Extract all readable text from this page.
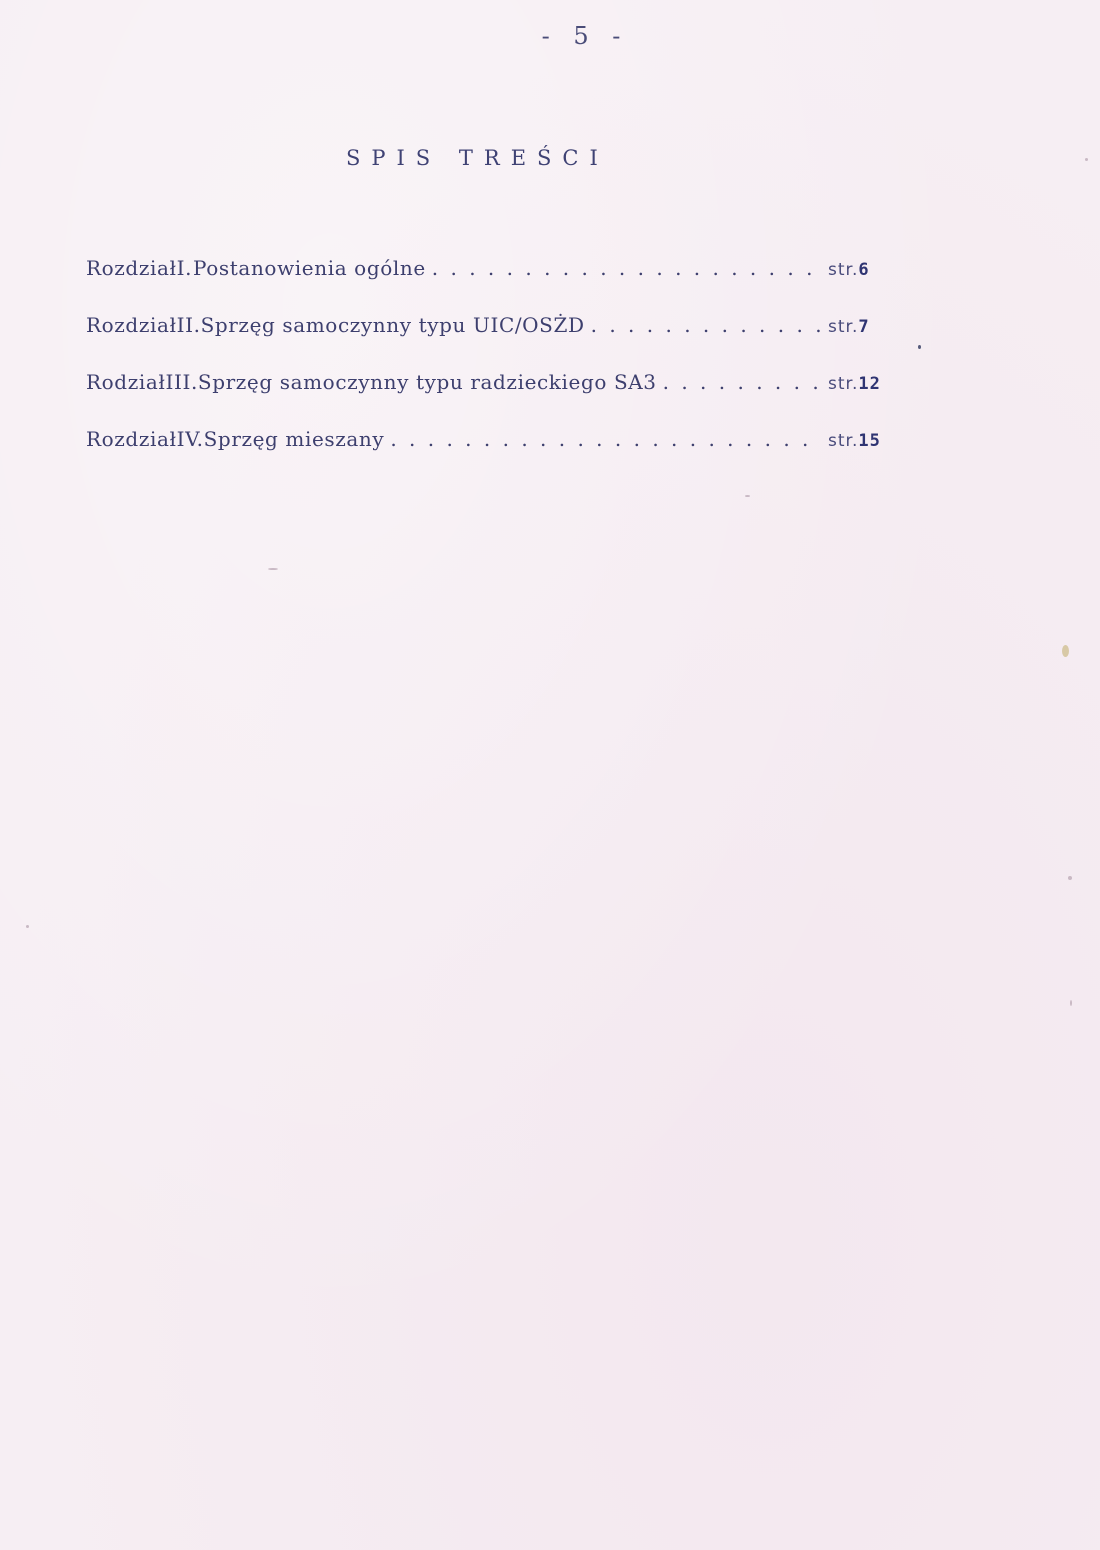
- 5 -
SPIS TREŚCI
Rozdział I. Postanowienia ogólne . . .	str.6
Rozdział II. Sprzęg samoczynny typu UIC/OSŻD . . .	str.7
Rodział III. Sprzęg samoczynny typu radzieckiego SA3 . . .	str.12
Rozdział IV. Sprzęg mieszany . . .	str.15
